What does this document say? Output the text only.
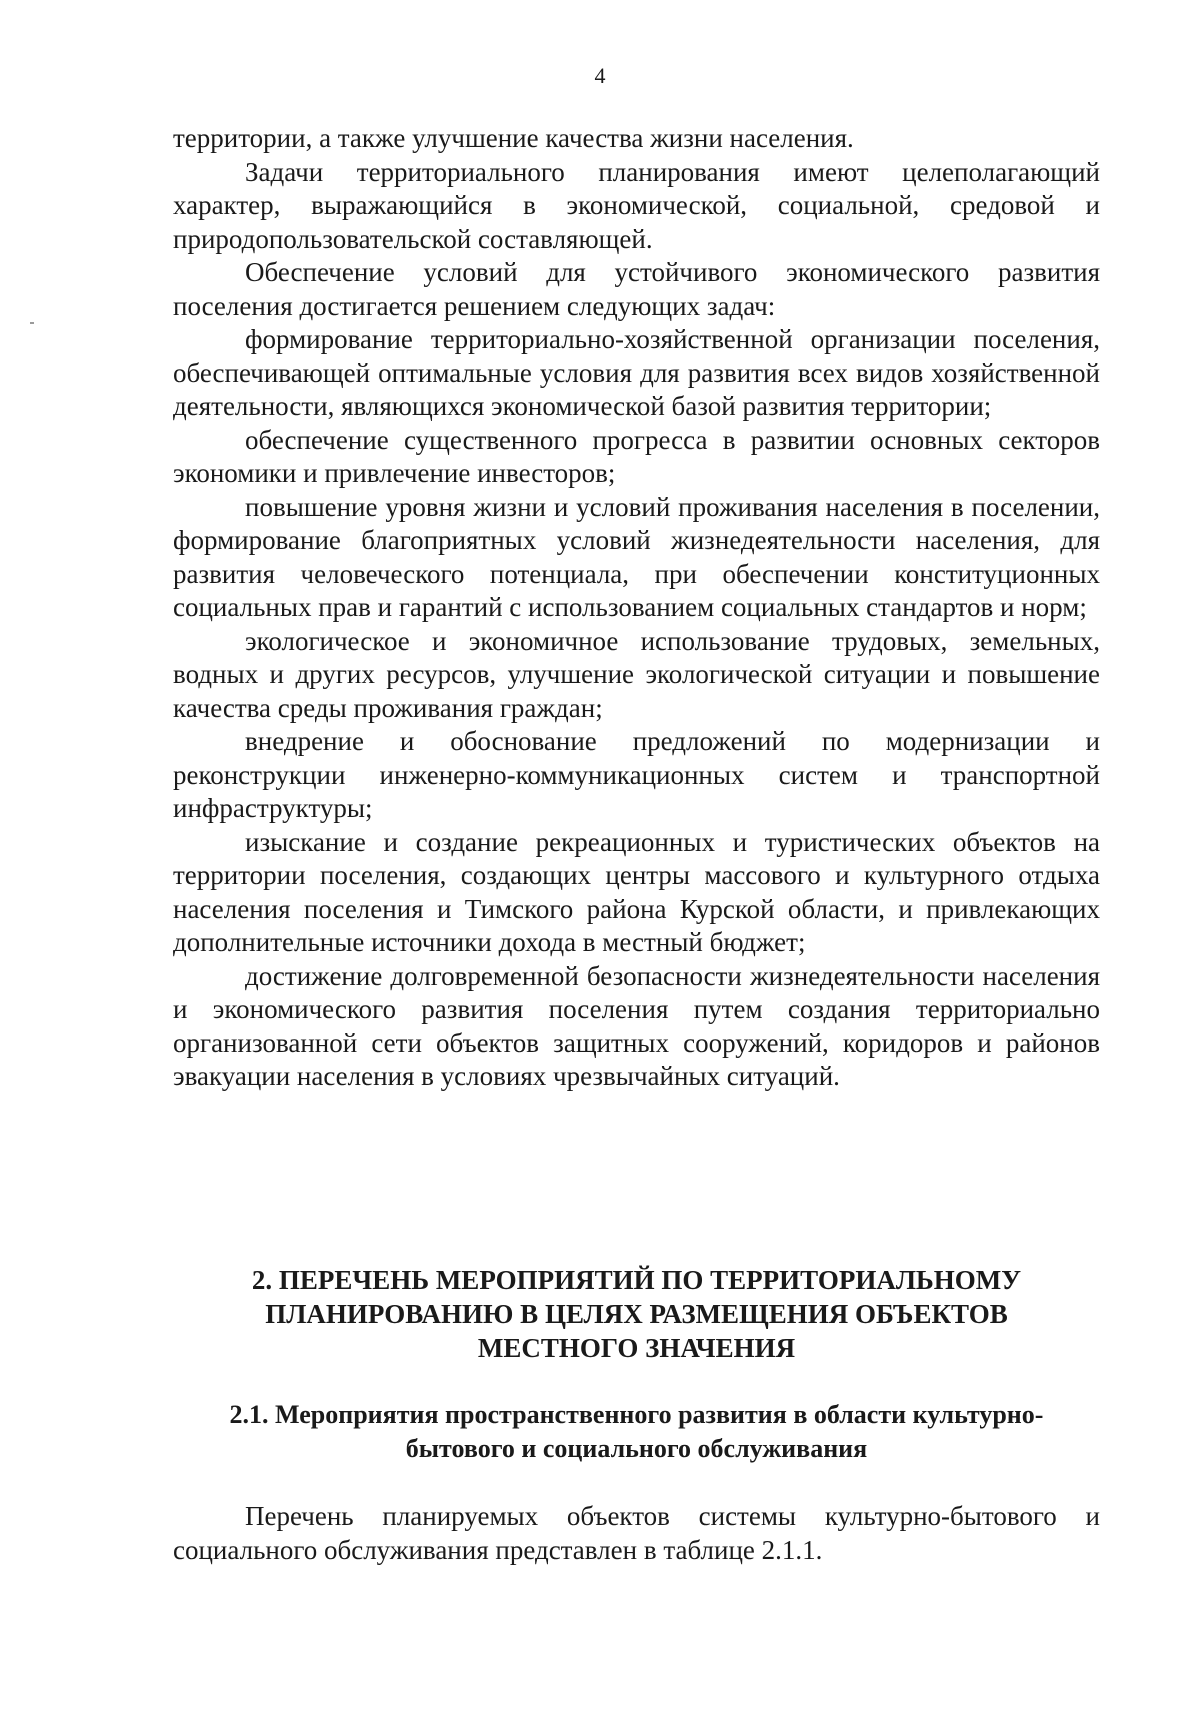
4

территории, а также улучшение качества жизни населения.

Задачи территориального планирования имеют целеполагающий характер, выражающийся в экономической, социальной, средовой и природопользовательской составляющей.

Обеспечение условий для устойчивого экономического развития поселения достигается решением следующих задач:

формирование территориально-хозяйственной организации поселения, обеспечивающей оптимальные условия для развития всех видов хозяйственной деятельности, являющихся экономической базой развития территории;

обеспечение существенного прогресса в развитии основных секторов экономики и привлечение инвесторов;

повышение уровня жизни и условий проживания населения в поселении, формирование благоприятных условий жизнедеятельности населения, для развития человеческого потенциала, при обеспечении конституционных социальных прав и гарантий с использованием социальных стандартов и норм;

экологическое и экономичное использование трудовых, земельных, водных и других ресурсов, улучшение экологической ситуации и повышение качества среды проживания граждан;

внедрение и обоснование предложений по модернизации и реконструкции инженерно-коммуникационных систем и транспортной инфраструктуры;

изыскание и создание рекреационных и туристических объектов на территории поселения, создающих центры массового и культурного отдыха населения поселения и Тимского района Курской области, и привлекающих дополнительные источники дохода в местный бюджет;

достижение долговременной безопасности жизнедеятельности населения и экономического развития поселения путем создания территориально организованной сети объектов защитных сооружений, коридоров и районов эвакуации населения в условиях чрезвычайных ситуаций.

2. ПЕРЕЧЕНЬ МЕРОПРИЯТИЙ ПО ТЕРРИТОРИАЛЬНОМУ
ПЛАНИРОВАНИЮ В ЦЕЛЯХ РАЗМЕЩЕНИЯ ОБЪЕКТОВ
МЕСТНОГО ЗНАЧЕНИЯ
2.1. Мероприятия пространственного развития в области культурно-
бытового и социального обслуживания

Перечень планируемых объектов системы культурно-бытового и социального обслуживания представлен в таблице 2.1.1.
